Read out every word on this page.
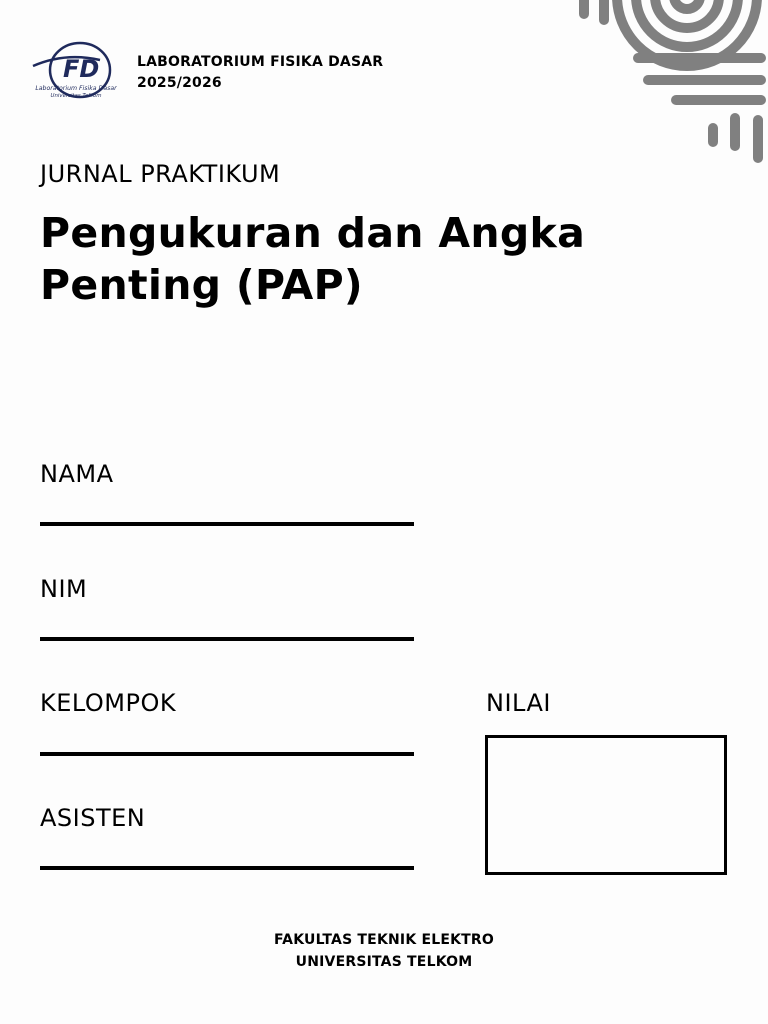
FD
Laboratorium Fisika Dasar
Universitas Telkom
LABORATORIUM FISIKA DASAR
2025/2026
JURNAL PRAKTIKUM
Pengukuran dan Angka Penting (PAP)
NAMA
NIM
KELOMPOK
ASISTEN
NILAI
FAKULTAS TEKNIK ELEKTRO
UNIVERSITAS TELKOM
